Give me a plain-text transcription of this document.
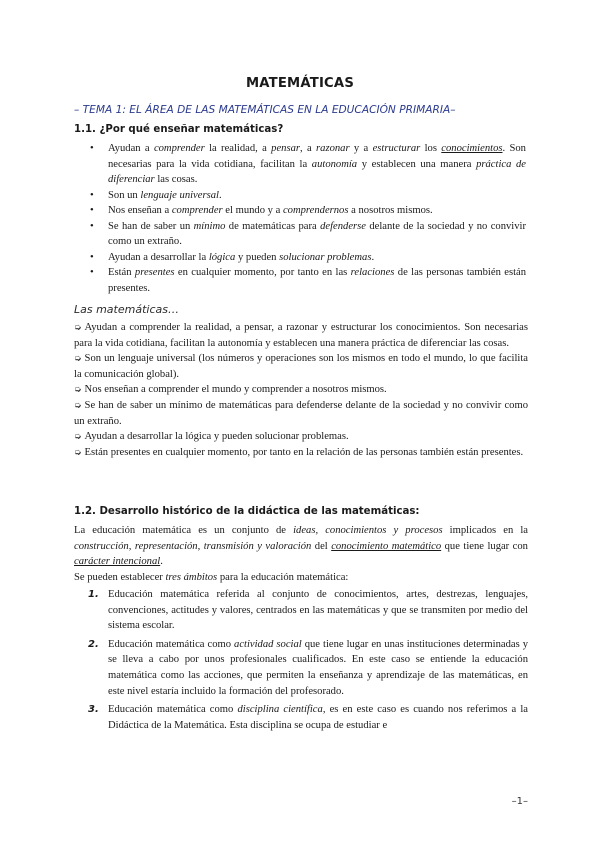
MATEMÁTICAS
– TEMA 1: EL ÁREA DE LAS MATEMÁTICAS EN LA EDUCACIÓN PRIMARIA–
1.1. ¿Por qué enseñar matemáticas?
• Ayudan a comprender la realidad, a pensar, a razonar y a estructurar los conocimientos. Son necesarias para la vida cotidiana, facilitan la autonomía y establecen una manera práctica de diferenciar las cosas.
• Son un lenguaje universal.
• Nos enseñan a comprender el mundo y a comprendernos a nosotros mismos.
• Se han de saber un mínimo de matemáticas para defenderse delante de la sociedad y no convivir como un extraño.
• Ayudan a desarrollar la lógica y pueden solucionar problemas.
• Están presentes en cualquier momento, por tanto en las relaciones de las personas también están presentes.
Las matemáticas…

➭ Ayudan a comprender la realidad, a pensar, a razonar y estructurar los conocimientos. Son necesarias para la vida cotidiana, facilitan la autonomía y establecen una manera práctica de diferenciar las cosas.

➭ Son un lenguaje universal (los números y operaciones son los mismos en todo el mundo, lo que facilita la comunicación global).

➭ Nos enseñan a comprender el mundo y comprender a nosotros mismos.

➭ Se han de saber un mínimo de matemáticas para defenderse delante de la sociedad y no convivir como un extraño.

➭ Ayudan a desarrollar la lógica y pueden solucionar problemas.

➭ Están presentes en cualquier momento, por tanto en la relación de las personas también están presentes.

1.2. Desarrollo histórico de la didáctica de las matemáticas:

La educación matemática es un conjunto de ideas, conocimientos y procesos implicados en la construcción, representación, transmisión y valoración del conocimiento matemático que tiene lugar con carácter intencional.

Se pueden establecer tres ámbitos para la educación matemática:

1. Educación matemática referida al conjunto de conocimientos, artes, destrezas, lenguajes, convenciones, actitudes y valores, centrados en las matemáticas y que se transmiten por medio del sistema escolar.
2. Educación matemática como actividad social que tiene lugar en unas instituciones determinadas y se lleva a cabo por unos profesionales cualificados. En este caso se entiende la educación matemática como las acciones, que permiten la enseñanza y aprendizaje de las matemáticas, en este nivel estaría incluido la formación del profesorado.
3. Educación matemática como disciplina científica, es en este caso es cuando nos referimos a la Didáctica de la Matemática. Esta disciplina se ocupa de estudiar e
–1–
